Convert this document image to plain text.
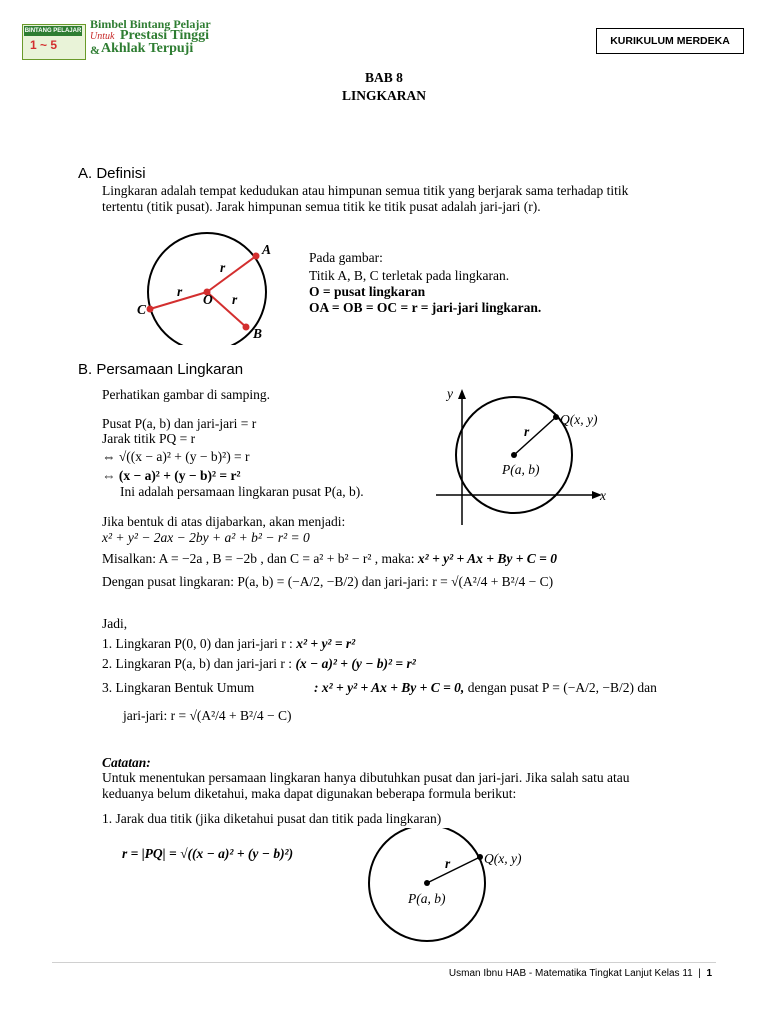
BINTANG PELAJAR
1 ~ 5
Bimbel Bintang Pelajar
Untuk Prestasi Tinggi
& Akhlak Terpuji	KURIKULUM MERDEKA
BAB 8
LINGKARAN
A. Definisi
Lingkaran adalah tempat kedudukan atau himpunan semua titik yang berjarak sama terhadap titik
tertentu (titik pusat). Jarak himpunan semua titik ke titik pusat adalah jari-jari (r).
A
B
C
O
r
r
r
Pada gambar:
Titik A, B, C terletak pada lingkaran.
O = pusat lingkaran
OA = OB = OC = r = jari-jari lingkaran.
B. Persamaan Lingkaran
Perhatikan gambar di samping.
Pusat P(a, b) dan jari-jari = r
Jarak titik PQ = r
⇔ √((x − a)² + (y − b)²) = r
⇔ (x − a)² + (y − b)² = r²
Ini adalah persamaan lingkaran pusat P(a, b).
y
x
Q(x, y)
P(a, b)
r
Jika bentuk di atas dijabarkan, akan menjadi:
x² + y² − 2ax − 2by + a² + b² − r² = 0
Misalkan: A = −2a , B = −2b , dan C = a² + b² − r² , maka: x² + y² + Ax + By + C = 0
Dengan pusat lingkaran: P(a, b) = (−A/2, −B/2) dan jari-jari: r = √(A²/4 + B²/4 − C)
Jadi,
1. Lingkaran P(0, 0) dan jari-jari r : x² + y² = r²
2. Lingkaran P(a, b) dan jari-jari r : (x − a)² + (y − b)² = r²
3. Lingkaran Bentuk Umum	: x² + y² + Ax + By + C = 0, dengan pusat P = (−A/2, −B/2) dan
jari-jari: r = √(A²/4 + B²/4 − C)
Catatan:
Untuk menentukan persamaan lingkaran hanya dibutuhkan pusat dan jari-jari. Jika salah satu atau
keduanya belum diketahui, maka dapat digunakan beberapa formula berikut:
1. Jarak dua titik (jika diketahui pusat dan titik pada lingkaran)
r = |PQ| = √((x − a)² + (y − b)²)	Q(x, y)
P(a, b)
r
Usman Ibnu HAB - Matematika Tingkat Lanjut Kelas 11  |  1
